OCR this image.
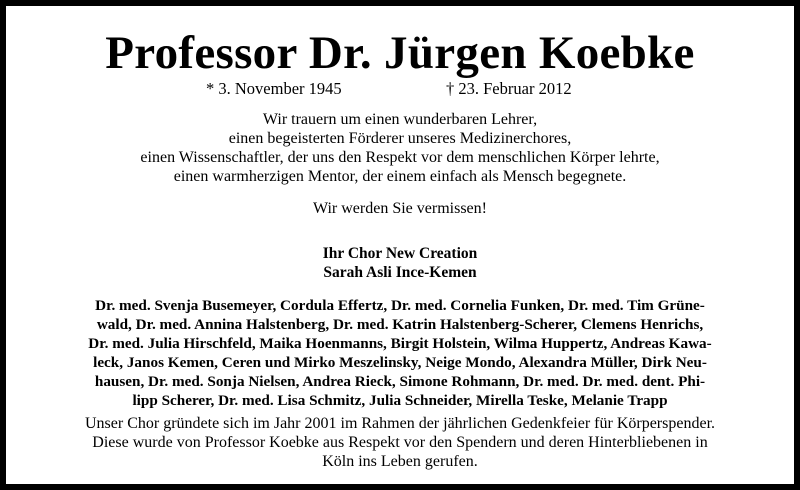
Professor Dr. Jürgen Koebke
* 3. November 1945	† 23. Februar 2012
Wir trauern um einen wunderbaren Lehrer,
einen begeisterten Förderer unseres Medizinerchores,
einen Wissenschaftler, der uns den Respekt vor dem menschlichen Körper lehrte,
einen warmherzigen Mentor, der einem einfach als Mensch begegnete.
Wir werden Sie vermissen!
Ihr Chor New Creation
Sarah Asli Ince-Kemen
Dr. med. Svenja Busemeyer, Cordula Effertz, Dr. med. Cornelia Funken, Dr. med. Tim Grüne-
wald, Dr. med. Annina Halstenberg, Dr. med. Katrin Halstenberg-Scherer, Clemens Henrichs,
Dr. med. Julia Hirschfeld, Maika Hoenmanns, Birgit Holstein, Wilma Huppertz, Andreas Kawa-
leck, Janos Kemen, Ceren und Mirko Meszelinsky, Neige Mondo, Alexandra Müller, Dirk Neu-
hausen, Dr. med. Sonja Nielsen, Andrea Rieck, Simone Rohmann, Dr. med. Dr. med. dent. Phi-
lipp Scherer, Dr. med. Lisa Schmitz, Julia Schneider, Mirella Teske, Melanie Trapp
Unser Chor gründete sich im Jahr 2001 im Rahmen der jährlichen Gedenkfeier für Körperspender.
Diese wurde von Professor Koebke aus Respekt vor den Spendern und deren Hinterbliebenen in
Köln ins Leben gerufen.
